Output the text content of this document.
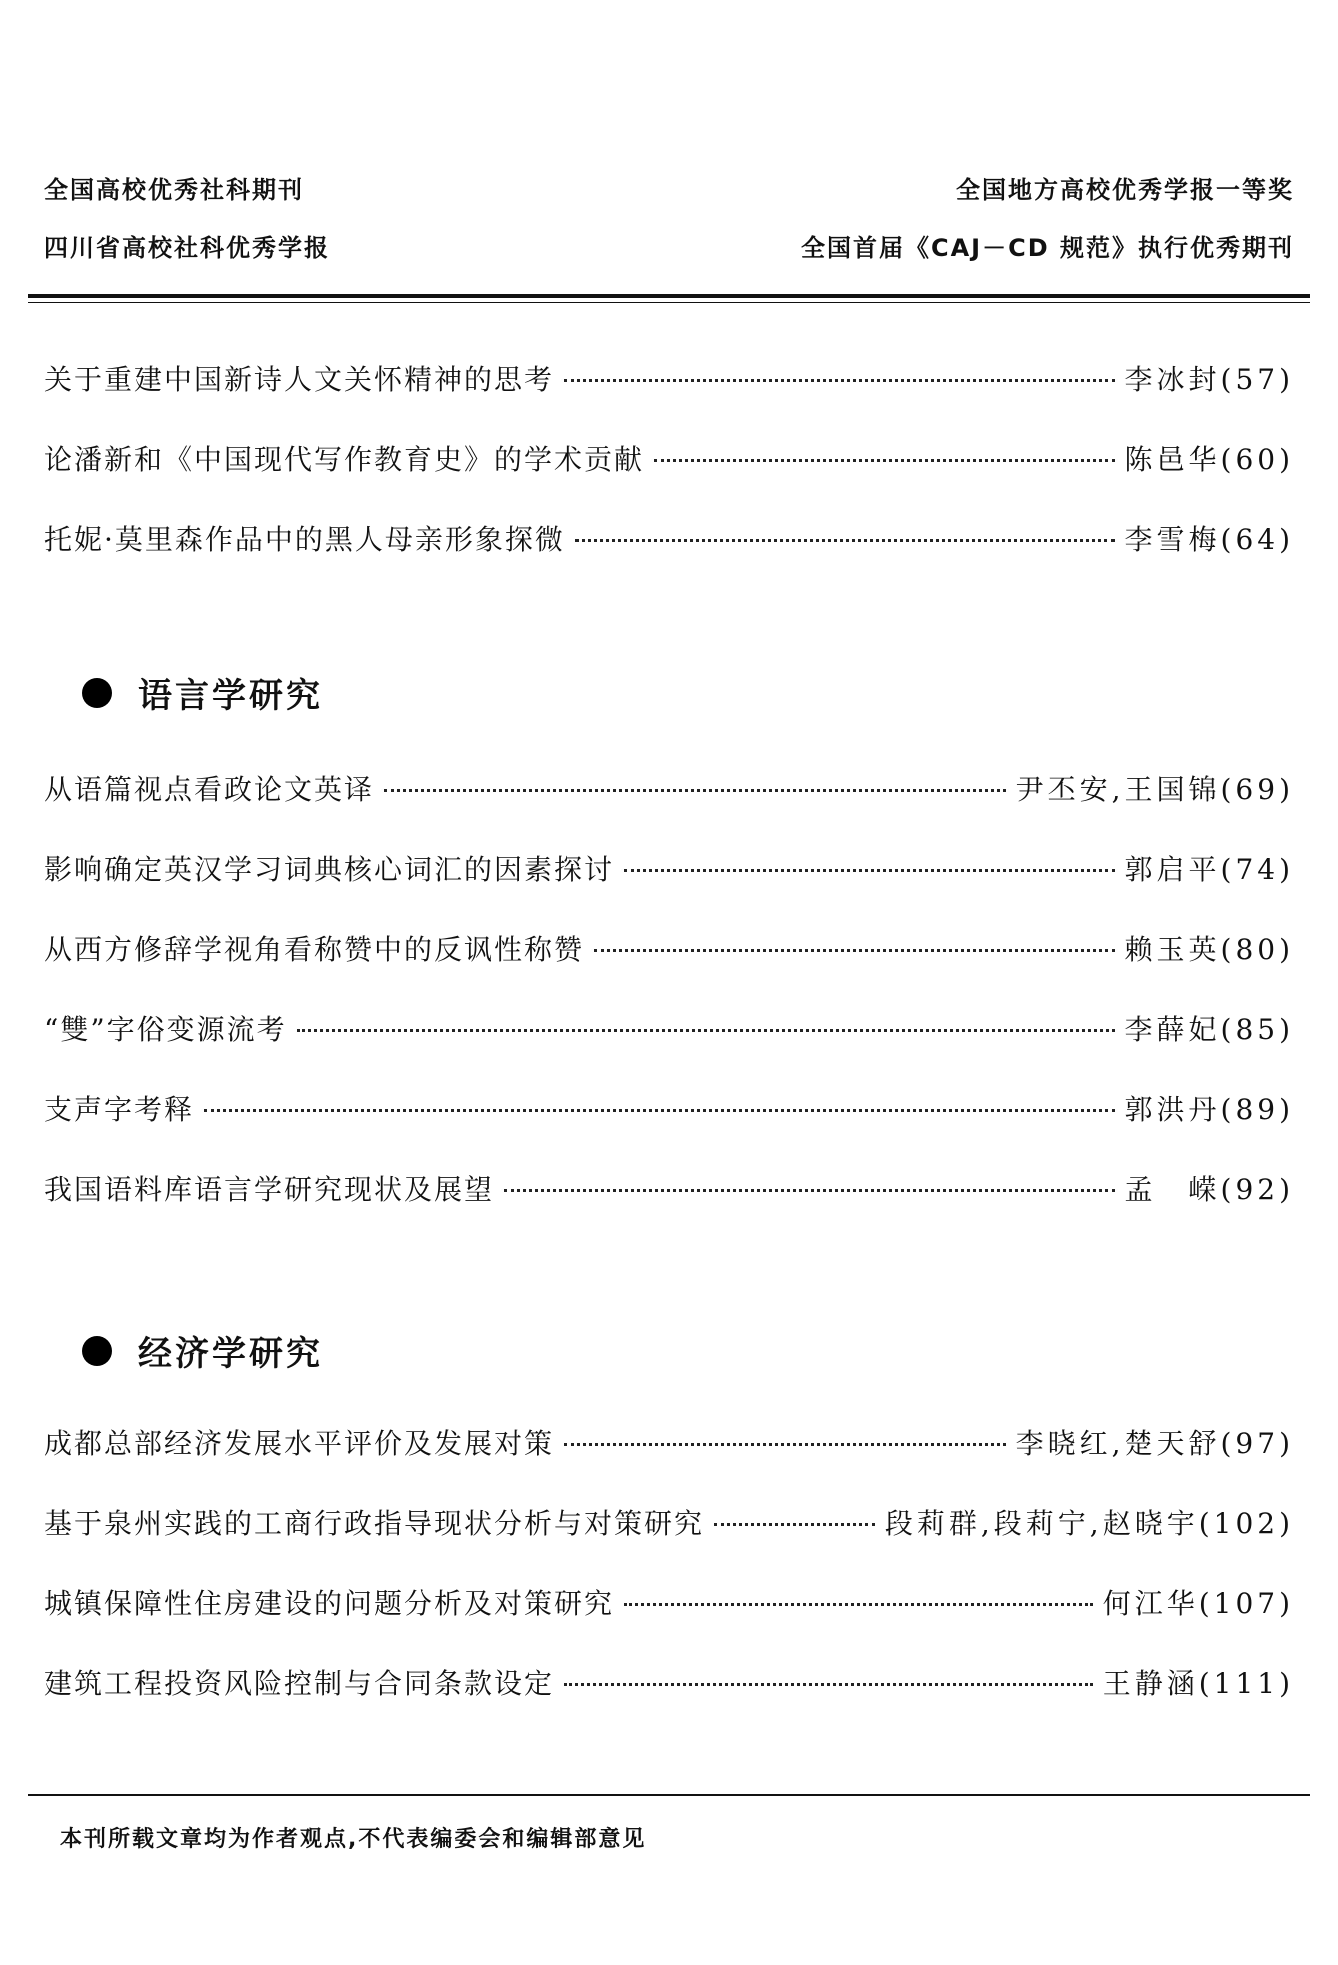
全国高校优秀社科期刊
四川省高校社科优秀学报
全国地方高校优秀学报一等奖
全国首届《CAJ－CD 规范》执行优秀期刊
关于重建中国新诗人文关怀精神的思考	李冰封(57)
论潘新和《中国现代写作教育史》的学术贡献	陈邑华(60)
托妮·莫里森作品中的黑人母亲形象探微	李雪梅(64)
语言学研究
从语篇视点看政论文英译	尹丕安,王国锦(69)
影响确定英汉学习词典核心词汇的因素探讨	郭启平(74)
从西方修辞学视角看称赞中的反讽性称赞	赖玉英(80)
“雙”字俗变源流考	李薛妃(85)
支声字考释	郭洪丹(89)
我国语料库语言学研究现状及展望	孟　嵘(92)
经济学研究
成都总部经济发展水平评价及发展对策	李晓红,楚天舒(97)
基于泉州实践的工商行政指导现状分析与对策研究	段莉群,段莉宁,赵晓宇(102)
城镇保障性住房建设的问题分析及对策研究	何江华(107)
建筑工程投资风险控制与合同条款设定	王静涵(111)
本刊所载文章均为作者观点,不代表编委会和编辑部意见
